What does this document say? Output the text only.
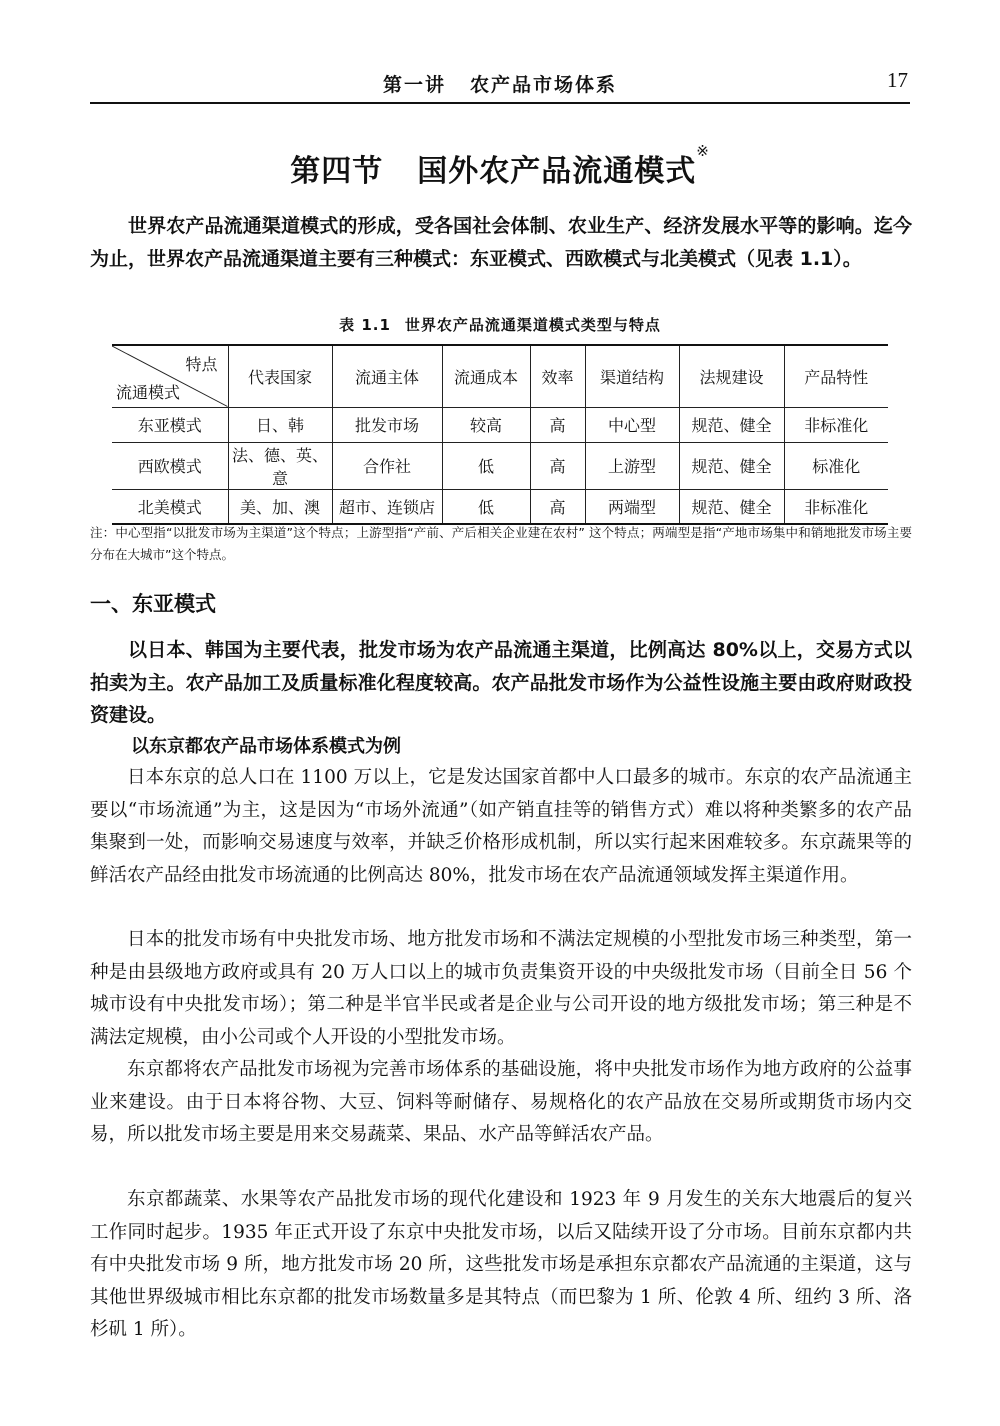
第一讲 农产品市场体系	17
第四节 国外农产品流通模式※

世界农产品流通渠道模式的形成，受各国社会体制、农业生产、经济发展水平等的影响。迄今为止，世界农产品流通渠道主要有三种模式：东亚模式、西欧模式与北美模式（见表 1.1）。

表 1.1 世界农产品流通渠道模式类型与特点
特点
流通模式	代表国家	流通主体	流通成本	效率	渠道结构	法规建设	产品特性
东亚模式	日、韩	批发市场	较高	高	中心型	规范、健全	非标准化
西欧模式	法、德、英、意	合作社	低	高	上游型	规范、健全	标准化
北美模式	美、加、澳	超市、连锁店	低	高	两端型	规范、健全	非标准化

注：中心型指“以批发市场为主渠道”这个特点；上游型指“产前、产后相关企业建在农村” 这个特点；两端型是指“产地市场集中和销地批发市场主要分布在大城市”这个特点。

一、东亚模式

以日本、韩国为主要代表，批发市场为农产品流通主渠道，比例高达 80%以上，交易方式以拍卖为主。农产品加工及质量标准化程度较高。农产品批发市场作为公益性设施主要由政府财政投资建设。

以东京都农产品市场体系模式为例

日本东京的总人口在 1100 万以上，它是发达国家首都中人口最多的城市。东京的农产品流通主要以“市场流通”为主，这是因为“市场外流通”（如产销直挂等的销售方式）难以将种类繁多的农产品集聚到一处，而影响交易速度与效率，并缺乏价格形成机制，所以实行起来困难较多。东京蔬果等的鲜活农产品经由批发市场流通的比例高达 80%，批发市场在农产品流通领域发挥主渠道作用。

日本的批发市场有中央批发市场、地方批发市场和不满法定规模的小型批发市场三种类型，第一种是由县级地方政府或具有 20 万人口以上的城市负责集资开设的中央级批发市场（目前全日 56 个城市设有中央批发市场）；第二种是半官半民或者是企业与公司开设的地方级批发市场；第三种是不满法定规模，由小公司或个人开设的小型批发市场。

东京都将农产品批发市场视为完善市场体系的基础设施，将中央批发市场作为地方政府的公益事业来建设。由于日本将谷物、大豆、饲料等耐储存、易规格化的农产品放在交易所或期货市场内交易，所以批发市场主要是用来交易蔬菜、果品、水产品等鲜活农产品。

东京都蔬菜、水果等农产品批发市场的现代化建设和 1923 年 9 月发生的关东大地震后的复兴工作同时起步。1935 年正式开设了东京中央批发市场，以后又陆续开设了分市场。目前东京都内共有中央批发市场 9 所，地方批发市场 20 所，这些批发市场是承担东京都农产品流通的主渠道，这与其他世界级城市相比东京都的批发市场数量多是其特点（而巴黎为 1 所、伦敦 4 所、纽约 3 所、洛杉矶 1 所）。
